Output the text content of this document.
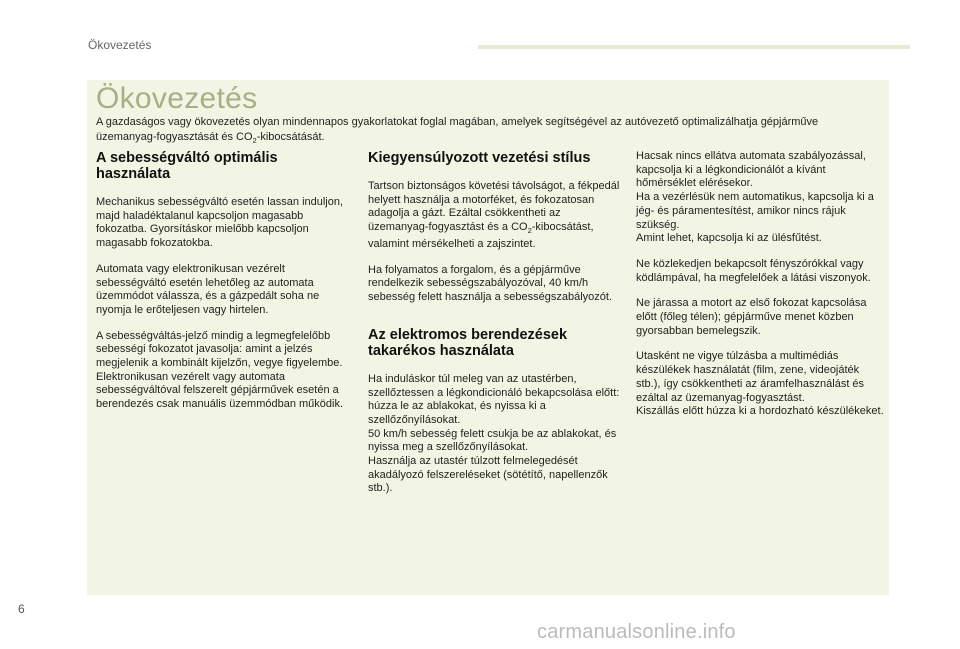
Ökovezetés
Ökovezetés
A gazdaságos vagy ökovezetés olyan mindennapos gyakorlatokat foglal magában, amelyek segítségével az autóvezető optimalizálhatja gépjárműve üzemanyag-fogyasztását és $CO_2$-kibocsátását.
A sebességváltó optimális használata

Mechanikus sebességváltó esetén lassan induljon, majd haladéktalanul kapcsoljon magasabb fokozatba. Gyorsításkor mielőbb kapcsoljon magasabb fokozatokba.

Automata vagy elektronikusan vezérelt sebességváltó esetén lehetőleg az automata üzemmódot válassza, és a gázpedált soha ne nyomja le erőteljesen vagy hirtelen.

A sebességváltás-jelző mindig a legmegfelelőbb sebességi fokozatot javasolja: amint a jelzés megjelenik a kombinált kijelzőn, vegye figyelembe.
Elektronikusan vezérelt vagy automata sebességváltóval felszerelt gépjárművek esetén a berendezés csak manuális üzemmódban működik.

Kiegyensúlyozott vezetési stílus

Tartson biztonságos követési távolságot, a fékpedál helyett használja a motorféket, és fokozatosan adagolja a gázt. Ezáltal csökkentheti az üzemanyag-fogyasztást és a $CO_2$-kibocsátást, valamint mérsékelheti a zajszintet.

Ha folyamatos a forgalom, és a gépjárműve rendelkezik sebességszabályozóval, 40 km/h sebesség felett használja a sebességszabályozót.

Az elektromos berendezések takarékos használata

Ha induláskor túl meleg van az utastérben, szellőztessen a légkondicionáló bekapcsolása előtt: húzza le az ablakokat, és nyissa ki a szellőzőnyílásokat.
50 km/h sebesség felett csukja be az ablakokat, és nyissa meg a szellőzőnyílásokat.
Használja az utastér túlzott felmelegedését akadályozó felszereléseket (sötétítő, napellenzők stb.).

Hacsak nincs ellátva automata szabályozással, kapcsolja ki a légkondicionálót a kívánt hőmérséklet elérésekor.
Ha a vezérlésük nem automatikus, kapcsolja ki a jég- és páramentesítést, amikor nincs rájuk szükség.
Amint lehet, kapcsolja ki az ülésfűtést.

Ne közlekedjen bekapcsolt fényszórókkal vagy ködlámpával, ha megfelelőek a látási viszonyok.

Ne járassa a motort az első fokozat kapcsolása előtt (főleg télen); gépjárműve menet közben gyorsabban bemelegszik.

Utasként ne vigye túlzásba a multimédiás készülékek használatát (film, zene, videojáték stb.), így csökkentheti az áramfelhasználást és ezáltal az üzemanyag-fogyasztást.
Kiszállás előtt húzza ki a hordozható készülékeket.

6
carmanualsonline.info
